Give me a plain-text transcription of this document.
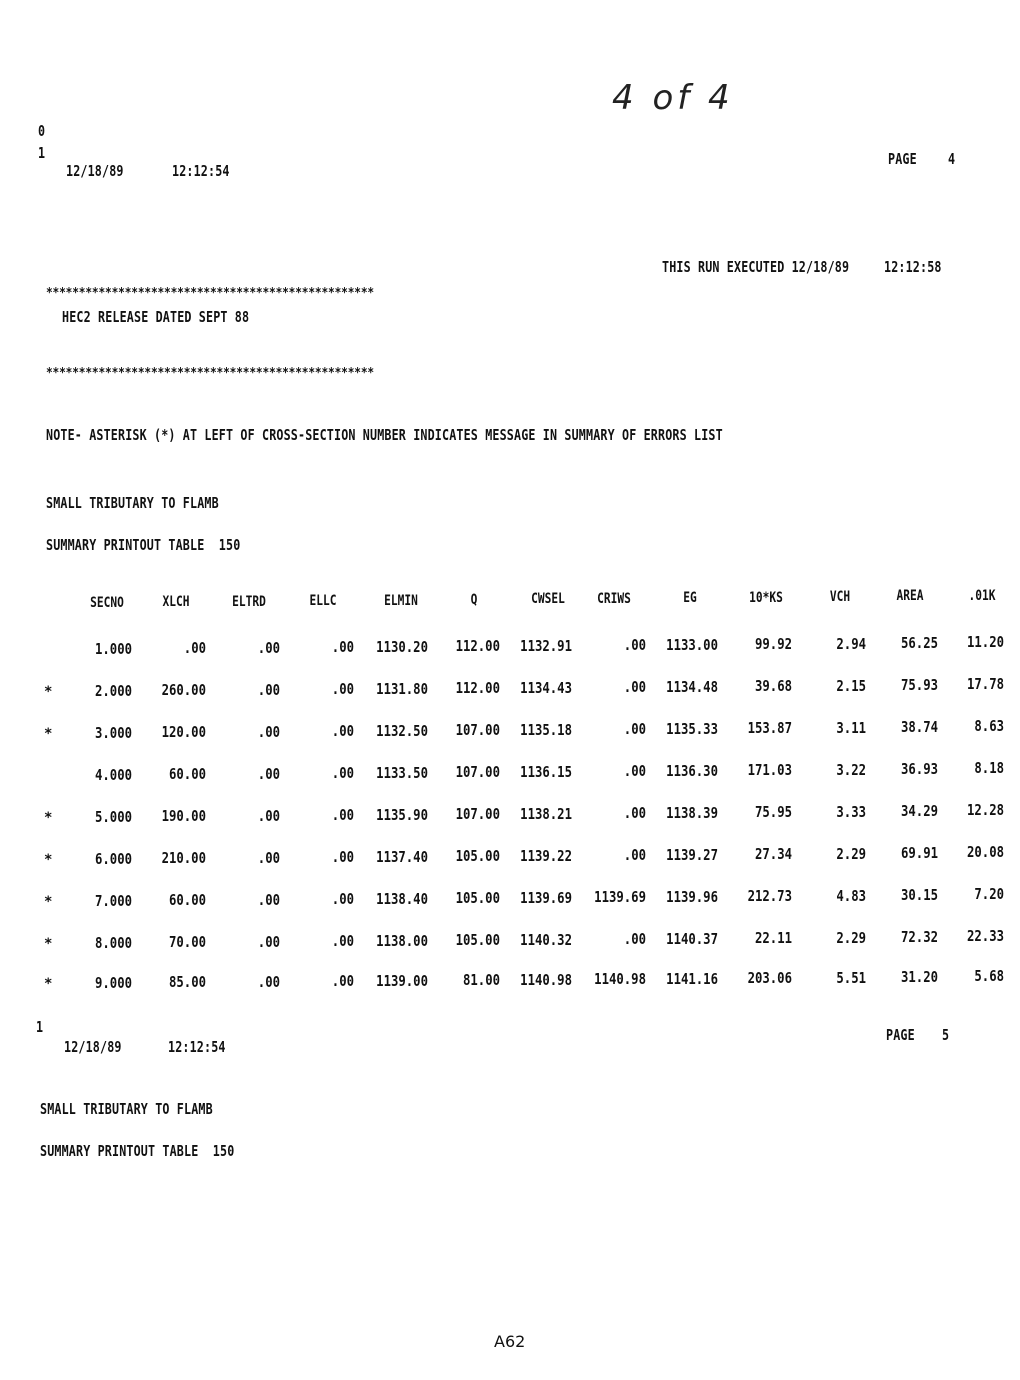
4 of 4
0
1
12/18/89	12:12:54
PAGE 4
THIS RUN EXECUTED 12/18/89 12:12:58
**************************************************
HEC2 RELEASE DATED SEPT 88
**************************************************
NOTE- ASTERISK (*) AT LEFT OF CROSS-SECTION NUMBER INDICATES MESSAGE IN SUMMARY OF ERRORS LIST
SMALL TRIBUTARY TO FLAMB
SUMMARY PRINTOUT TABLE  150
SECNO	XLCH	ELTRD	ELLC	ELMIN	Q	CWSEL	CRIWS	EG	10*KS	VCH	AREA	.01K
1.000	.00	.00	.00	1130.20	112.00	1132.91	.00	1133.00	99.92	2.94	56.25	11.20
*	2.000	260.00	.00	.00	1131.80	112.00	1134.43	.00	1134.48	39.68	2.15	75.93	17.78
*	3.000	120.00	.00	.00	1132.50	107.00	1135.18	.00	1135.33	153.87	3.11	38.74	8.63
4.000	60.00	.00	.00	1133.50	107.00	1136.15	.00	1136.30	171.03	3.22	36.93	8.18
*	5.000	190.00	.00	.00	1135.90	107.00	1138.21	.00	1138.39	75.95	3.33	34.29	12.28
*	6.000	210.00	.00	.00	1137.40	105.00	1139.22	.00	1139.27	27.34	2.29	69.91	20.08
*	7.000	60.00	.00	.00	1138.40	105.00	1139.69	1139.69	1139.96	212.73	4.83	30.15	7.20
*	8.000	70.00	.00	.00	1138.00	105.00	1140.32	.00	1140.37	22.11	2.29	72.32	22.33
*	9.000	85.00	.00	.00	1139.00	81.00	1140.98	1140.98	1141.16	203.06	5.51	31.20	5.68
1
12/18/89	12:12:54
PAGE 5
SMALL TRIBUTARY TO FLAMB
SUMMARY PRINTOUT TABLE  150
A62
